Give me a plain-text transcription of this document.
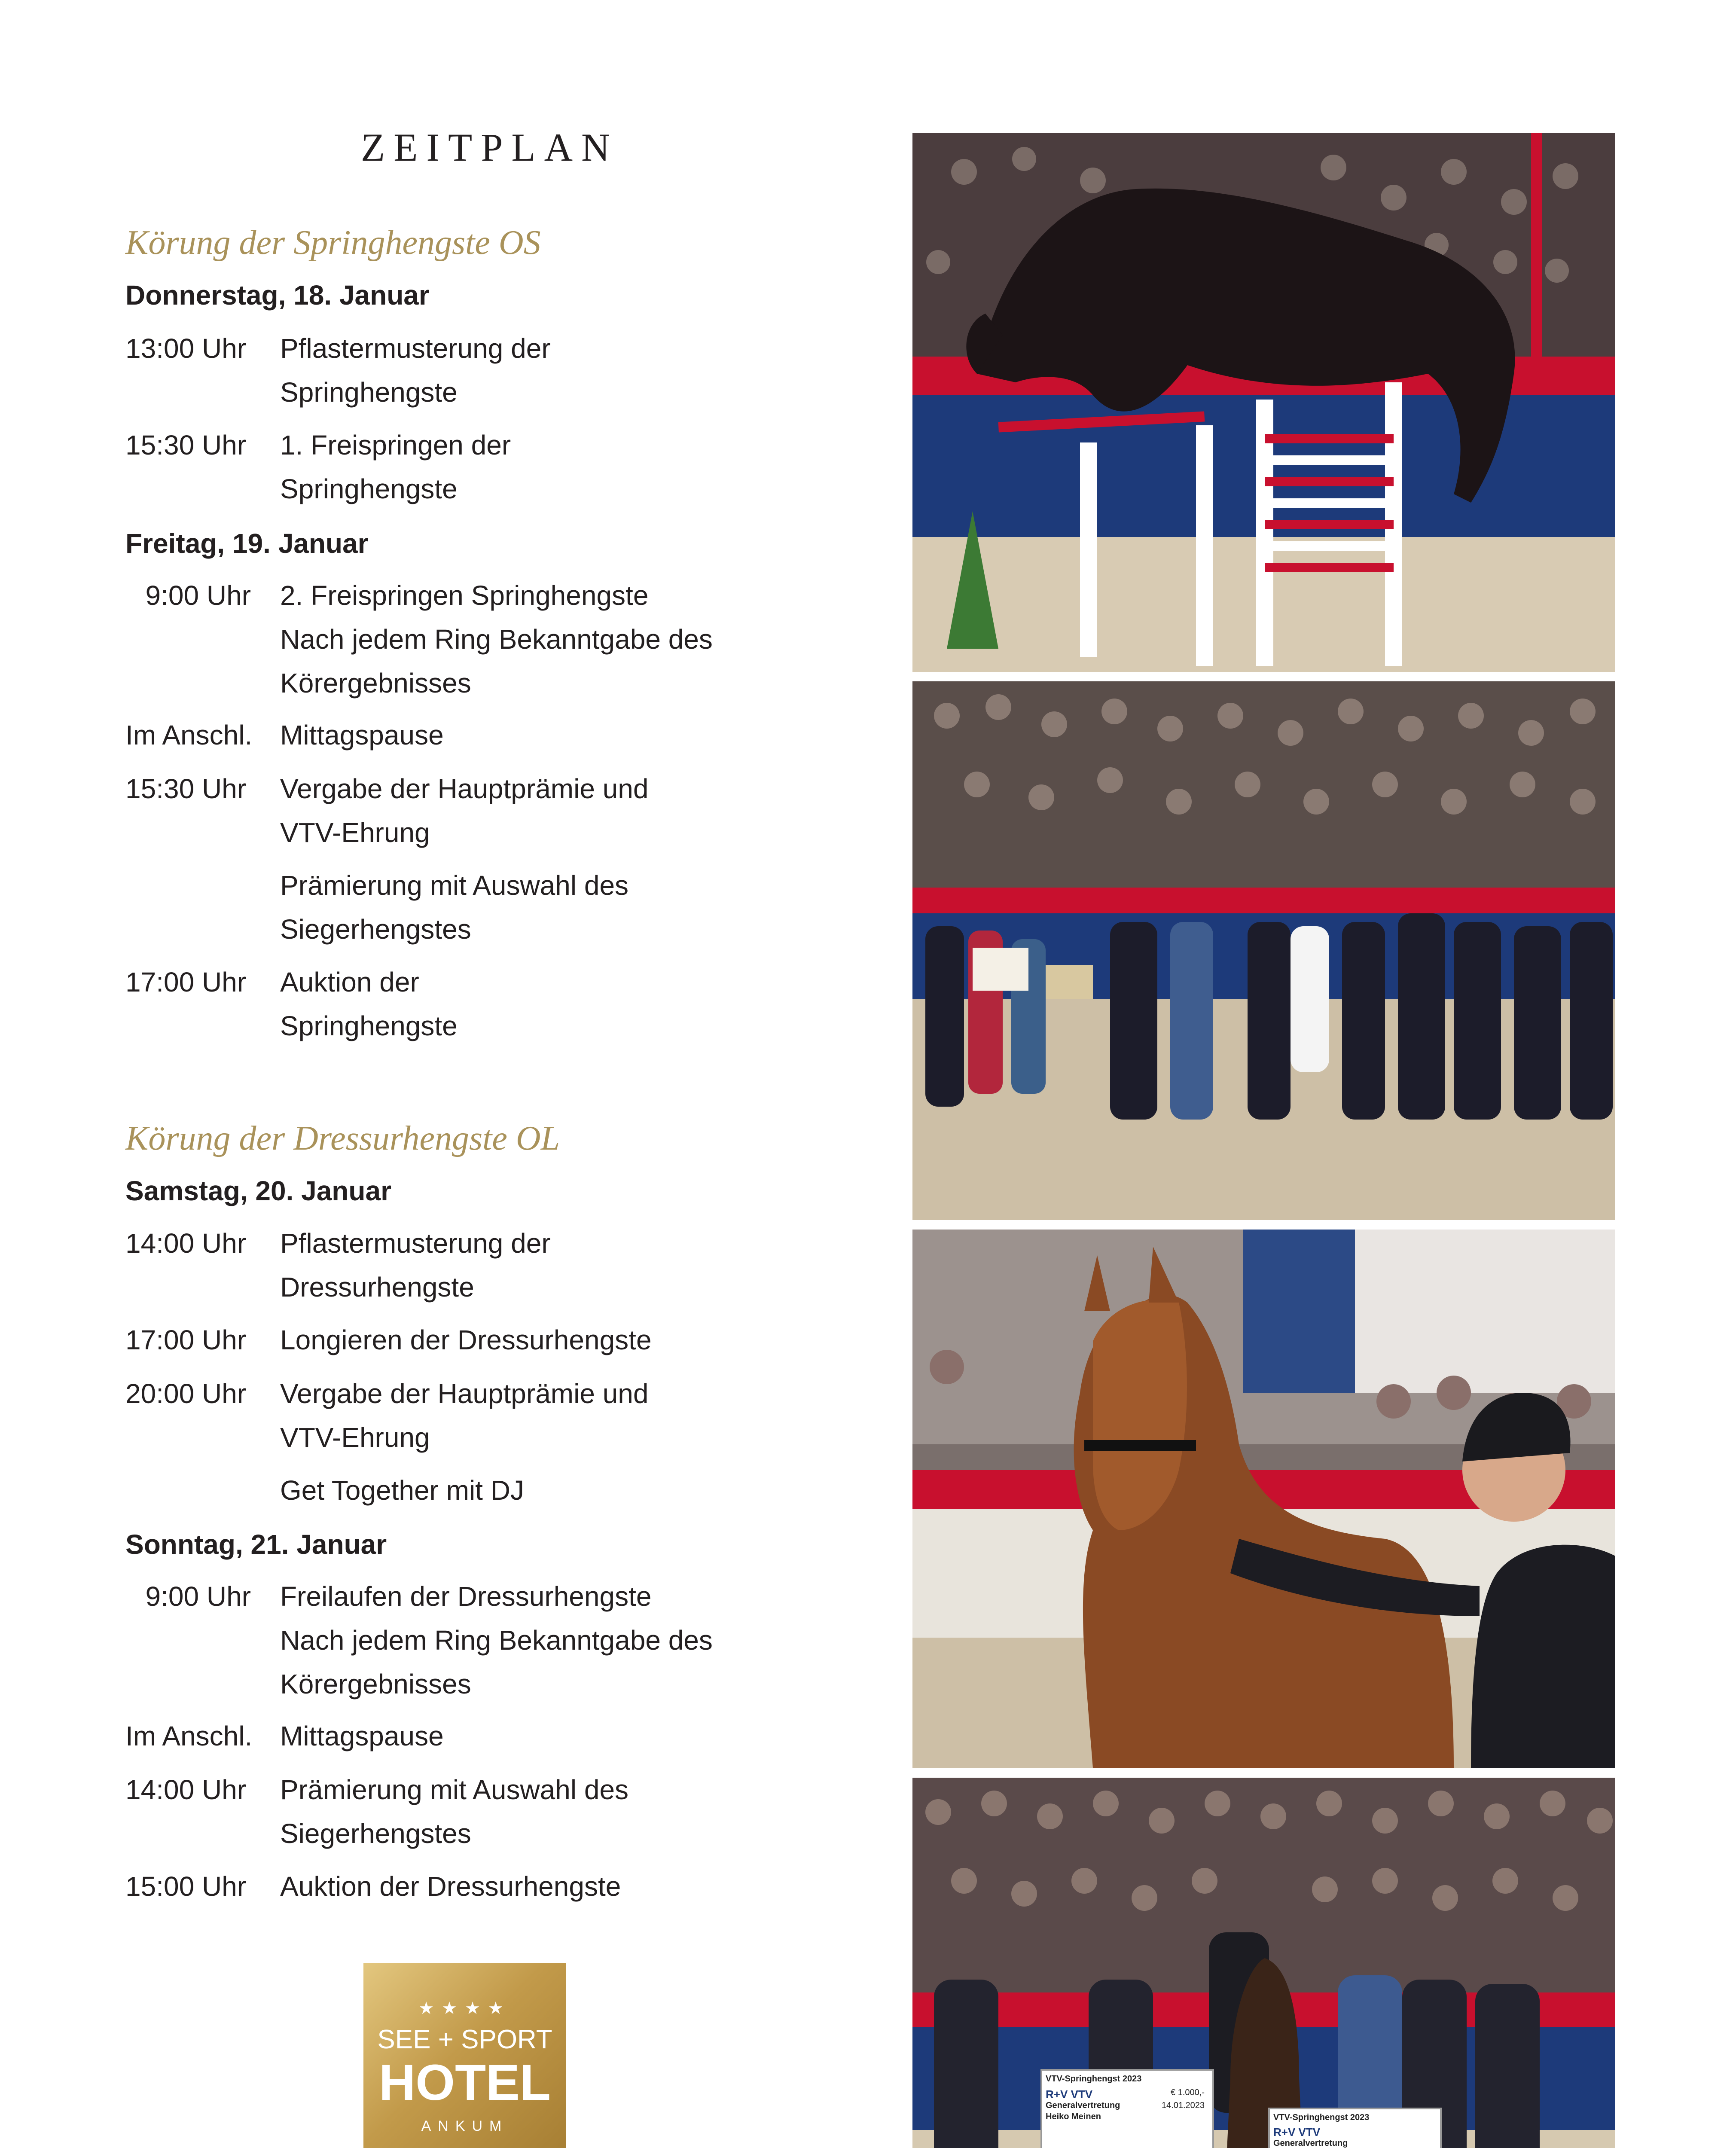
ZEITPLAN
Körung der Springhengste OS
Donnerstag, 18. Januar
13:00 Uhr	Pflastermusterung der
Springhengste
15:30 Uhr	1. Freispringen der
Springhengste
Freitag, 19. Januar
9:00 Uhr 2. Freispringen Springhengste
Nach jedem Ring Bekanntgabe des
Körergebnisses
Im Anschl.	Mittagspause
15:30 Uhr	Vergabe der Hauptprämie und
VTV-Ehrung
Prämierung mit Auswahl des
Siegerhengstes
17:00 Uhr	Auktion der
Springhengste
Körung der Dressurhengste OL
Samstag, 20. Januar
14:00 Uhr	Pflastermusterung der
Dressurhengste
17:00 Uhr	Longieren der Dressurhengste
20:00 Uhr	Vergabe der Hauptprämie und
VTV-Ehrung
Get Together mit DJ
Sonntag, 21. Januar
9:00 Uhr Freilaufen der Dressurhengste
Nach jedem Ring Bekanntgabe des
Körergebnisses
Im Anschl.	Mittagspause
14:00 Uhr	Prämierung mit Auswahl des
Siegerhengstes
15:00 Uhr	Auktion der Dressurhengste
★★★★
SEE + SPORT
HOTEL
ANKUM
VTV-Springhengst 2023
€ 1.000,-
14.01.2023
R+V VTV
Generalvertretung
Heiko Meinen	VTV-Springhengst 2023
R+V VTV
Generalvertretung
